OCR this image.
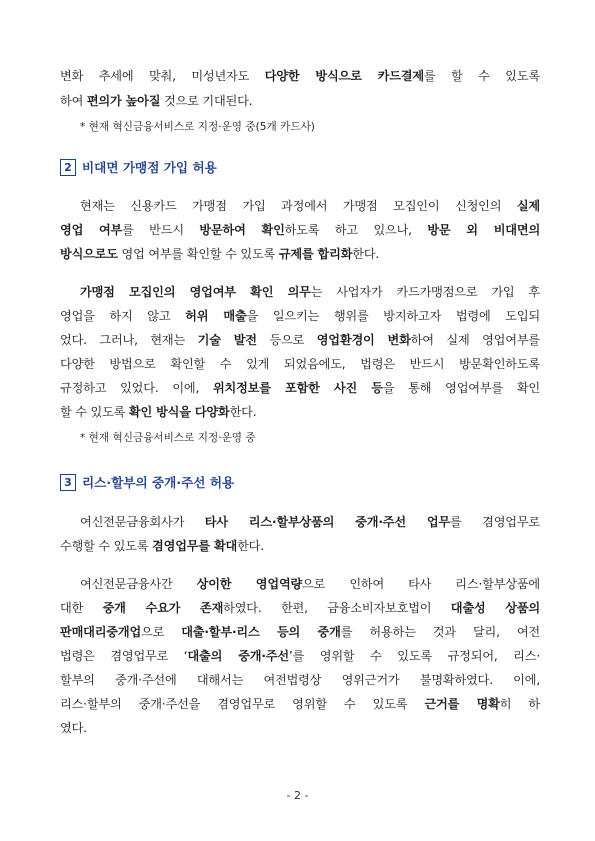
변화 추세에 맞춰, 미성년자도 다양한 방식으로 카드결제를 할 수 있도록
하여 편의가 높아질 것으로 기대된다.
* 현재 혁신금융서비스로 지정·운영 중(5개 카드사)
2 비대면 가맹점 가입 허용
현재는 신용카드 가맹점 가입 과정에서 가맹점 모집인이 신청인의 실제
영업 여부를 반드시 방문하여 확인하도록 하고 있으나, 방문 외 비대면의
방식으로도 영업 여부를 확인할 수 있도록 규제를 합리화한다.
가맹점 모집인의 영업여부 확인 의무는 사업자가 카드가맹점으로 가입 후
영업을 하지 않고 허위 매출을 일으키는 행위를 방지하고자 법령에 도입되
었다. 그러나, 현재는 기술 발전 등으로 영업환경이 변화하여 실제 영업여부를
다양한 방법으로 확인할 수 있게 되었음에도, 법령은 반드시 방문확인하도록
규정하고 있었다. 이에, 위치정보를 포함한 사진 등을 통해 영업여부를 확인
할 수 있도록 확인 방식을 다양화한다.
* 현재 혁신금융서비스로 지정·운영 중
3 리스·할부의 중개·주선 허용
여신전문금융회사가 타사 리스·할부상품의 중개·주선 업무를 겸영업무로
수행할 수 있도록 겸영업무를 확대한다.
여신전문금융사간 상이한 영업역량으로 인하여 타사 리스·할부상품에
대한 중개 수요가 존재하였다. 한편, 금융소비자보호법이 대출성 상품의
판매대리중개업으로 대출·할부·리스 등의 중개를 허용하는 것과 달리, 여전
법령은 겸영업무로 ‘대출의 중개·주선’를 영위할 수 있도록 규정되어, 리스·
할부의 중개·주선에 대해서는 여전법령상 영위근거가 불명확하였다. 이에,
리스·할부의 중개·주선을 겸영업무로 영위할 수 있도록 근거를 명확히 하
였다.
- 2 -
